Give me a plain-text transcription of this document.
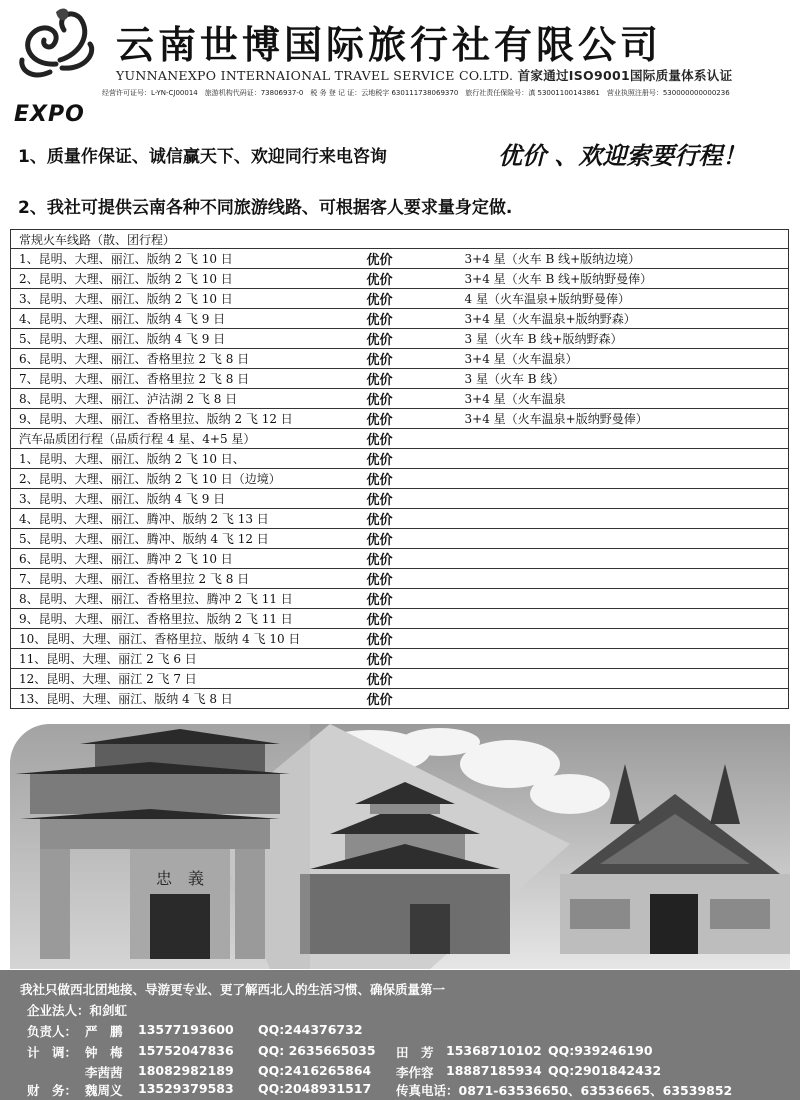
EXPO
云南世博国际旅行社有限公司
YUNNANEXPO INTERNAIONAL TRAVEL SERVICE CO.LTD. 首家通过ISO9001国际质量体系认证
经营许可证号：L-YN-CJ00014　旅游机构代码证：73806937-0　税 务 登 记 证：云地税字 630111738069370　旅行社责任保险号：滇 53001100143861　营业执照注册号：530000000000236
1、质量作保证、诚信赢天下、欢迎同行来电咨询	优价 、欢迎索要行程！
2、我社可提供云南各种不同旅游线路、可根据客人要求量身定做.
常规火车线路（散、团行程）		
1、昆明、大理、丽江、版纳 2 飞 10 日	优价	3+4 星（火车 B 线+版纳边境）
2、昆明、大理、丽江、版纳 2 飞 10 日	优价	3+4 星（火车 B 线+版纳野曼俸）
3、昆明、大理、丽江、版纳 2 飞 10 日	优价	4 星（火车温泉+版纳野曼俸）
4、昆明、大理、丽江、版纳 4 飞 9 日	优价	3+4 星（火车温泉+版纳野森）
5、昆明、大理、丽江、版纳 4 飞 9 日	优价	3 星（火车 B 线+版纳野森）
6、昆明、大理、丽江、香格里拉 2 飞 8 日	优价	3+4 星（火车温泉）
7、昆明、大理、丽江、香格里拉 2 飞 8 日	优价	3 星（火车 B 线）
8、昆明、大理、丽江、泸沽湖 2 飞 8 日	优价	3+4 星（火车温泉
9、昆明、大理、丽江、香格里拉、版纳 2 飞 12 日	优价	3+4 星（火车温泉+版纳野曼俸）
汽车品质团行程（品质行程 4 星、4+5 星）	优价	
1、昆明、大理、丽江、版纳 2 飞 10 日、	优价	
2、昆明、大理、丽江、版纳 2 飞 10 日（边境）	优价	
3、昆明、大理、丽江、版纳 4 飞 9 日	优价	
4、昆明、大理、丽江、腾冲、版纳 2 飞 13 日	优价	
5、昆明、大理、丽江、腾冲、版纳 4 飞 12 日	优价	
6、昆明、大理、丽江、腾冲 2 飞 10 日	优价	
7、昆明、大理、丽江、香格里拉 2 飞 8 日	优价	
8、昆明、大理、丽江、香格里拉、腾冲 2 飞 11 日	优价	
9、昆明、大理、丽江、香格里拉、版纳 2 飞 11 日	优价	
10、昆明、大理、丽江、香格里拉、版纳 4 飞 10 日	优价	
11、昆明、大理、丽江 2 飞 6 日	优价	
12、昆明、大理、丽江 2 飞 7 日	优价	
13、昆明、大理、丽江、版纳 4 飞 8 日	优价	
忠　義
我社只做西北团地接、导游更专业、更了解西北人的生活习惯、确保质量第一
企业法人：和剑虹
负责人： 严　鹏 13577193600 QQ:244376732
计　调： 钟　梅 15752047836 QQ: 2635665035 田　芳 15368710102 QQ:939246190
李茜茜 18082982189 QQ:2416265864 李作容 18887185934 QQ:2901842432
财　务： 魏周义 13529379583 QQ:2048931517 传真电话：0871-63536650、63536665、63539852
